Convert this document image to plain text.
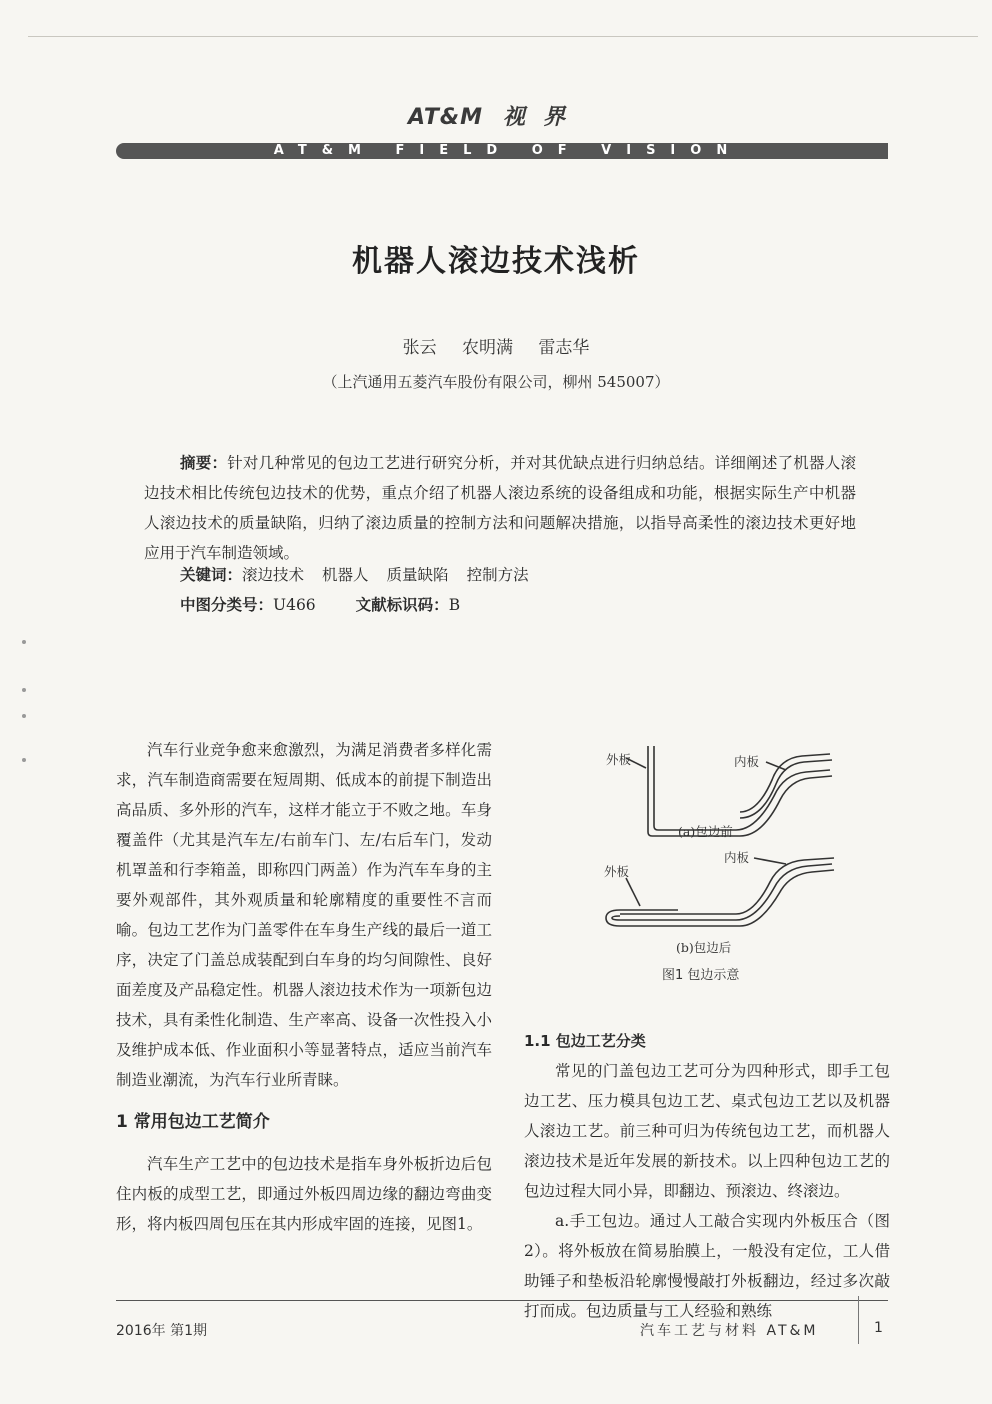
AT&M 视界
AT&M FIELD OF VISION
机器人滚边技术浅析
张云 农明满 雷志华
（上汽通用五菱汽车股份有限公司，柳州 545007）
摘要：针对几种常见的包边工艺进行研究分析，并对其优缺点进行归纳总结。详细阐述了机器人滚边技术相比传统包边技术的优势，重点介绍了机器人滚边系统的设备组成和功能，根据实际生产中机器人滚边技术的质量缺陷，归纳了滚边质量的控制方法和问题解决措施，以指导高柔性的滚边技术更好地应用于汽车制造领域。
关键词：滚边技术 机器人 质量缺陷 控制方法
中图分类号：U466	文献标识码：B

汽车行业竞争愈来愈激烈，为满足消费者多样化需求，汽车制造商需要在短周期、低成本的前提下制造出高品质、多外形的汽车，这样才能立于不败之地。车身覆盖件（尤其是汽车左/右前车门、左/右后车门，发动机罩盖和行李箱盖，即称四门两盖）作为汽车车身的主要外观部件，其外观质量和轮廓精度的重要性不言而喻。包边工艺作为门盖零件在车身生产线的最后一道工序，决定了门盖总成装配到白车身的均匀间隙性、良好面差度及产品稳定性。机器人滚边技术作为一项新包边技术，具有柔性化制造、生产率高、设备一次性投入小及维护成本低、作业面积小等显著特点，适应当前汽车制造业潮流，为汽车行业所青睐。

1 常用包边工艺简介

汽车生产工艺中的包边技术是指车身外板折边后包住内板的成型工艺，即通过外板四周边缘的翻边弯曲变形，将内板四周包压在其内形成牢固的连接，见图1。

外板	内板
(a)包边前
内板
外板
(b)包边后
图1 包边示意
1.1 包边工艺分类

常见的门盖包边工艺可分为四种形式，即手工包边工艺、压力模具包边工艺、桌式包边工艺以及机器人滚边工艺。前三种可归为传统包边工艺，而机器人滚边技术是近年发展的新技术。以上四种包边工艺的包边过程大同小异，即翻边、预滚边、终滚边。

a.手工包边。通过人工敲合实现内外板压合（图2）。将外板放在简易胎膜上，一般没有定位，工人借助锤子和垫板沿轮廓慢慢敲打外板翻边，经过多次敲打而成。包边质量与工人经验和熟练

2016年 第1期	汽车工艺与材料 AT&M	1
